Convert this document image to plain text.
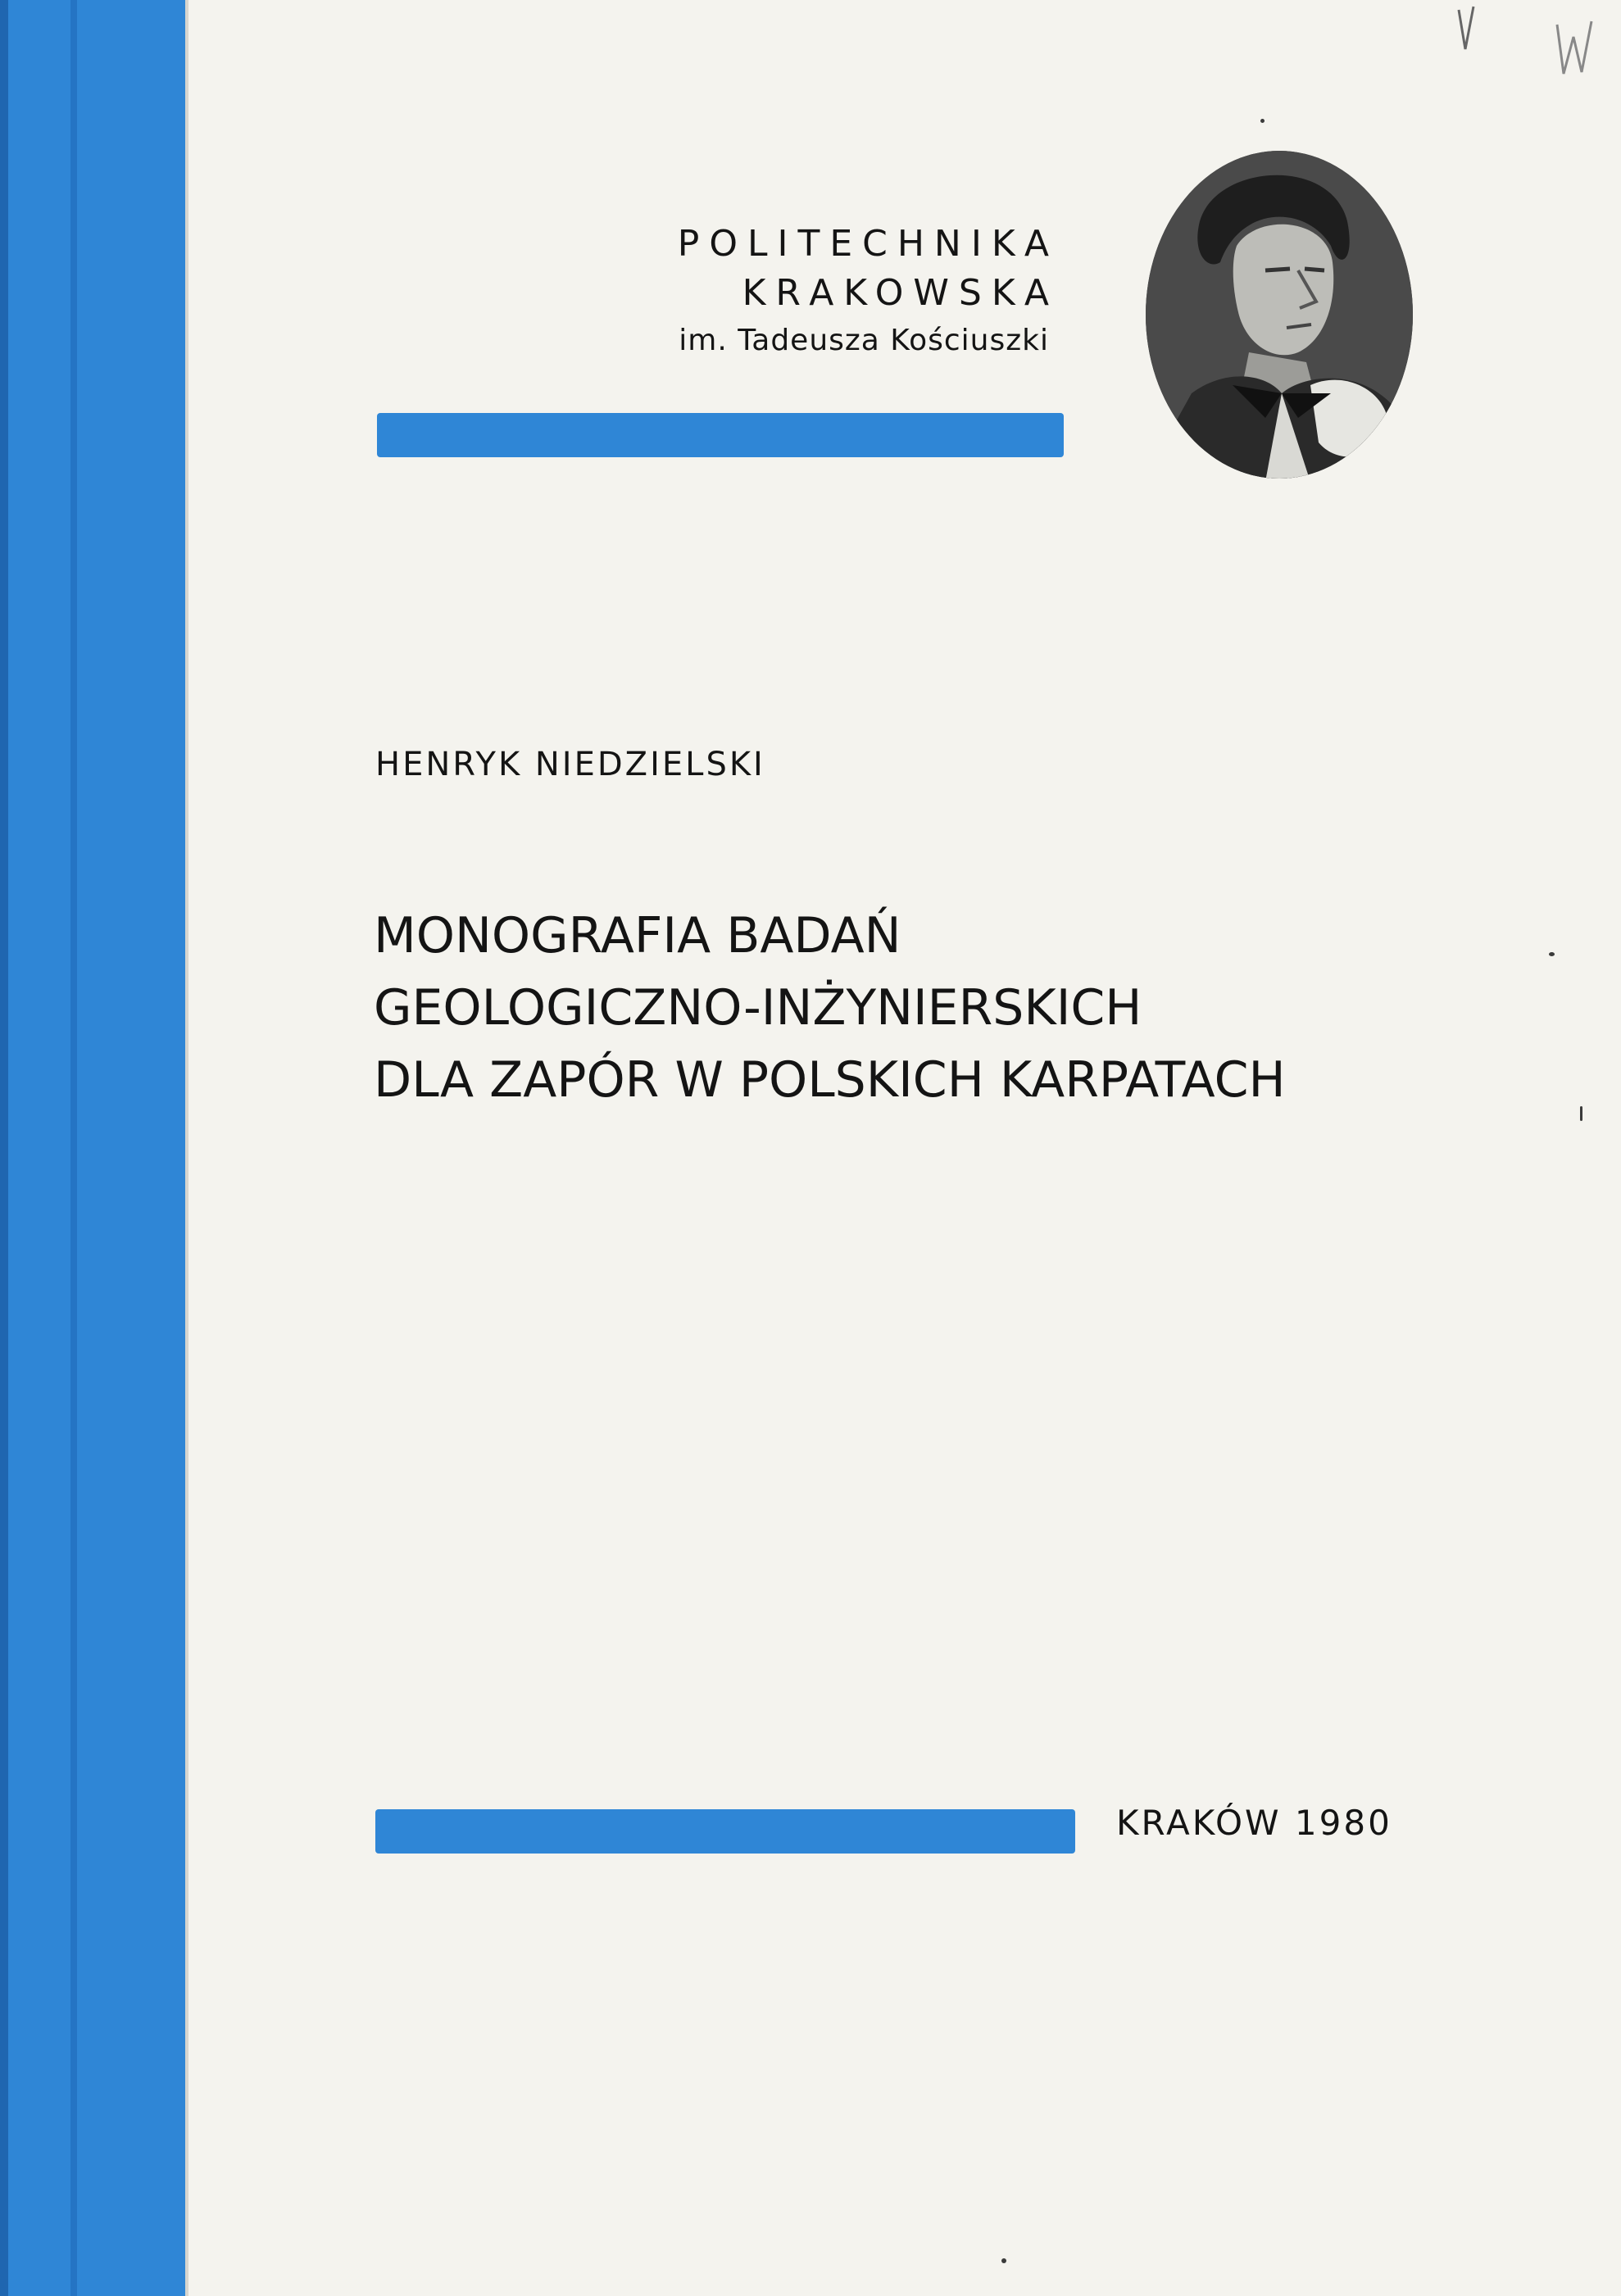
POLITECHNIKA
KRAKOWSKA
im. Tadeusza Kościuszki
HENRYK NIEDZIELSKI
MONOGRAFIA BADAŃ
GEOLOGICZNO-INŻYNIERSKICH
DLA ZAPÓR W POLSKICH KARPATACH
KRAKÓW 1980
